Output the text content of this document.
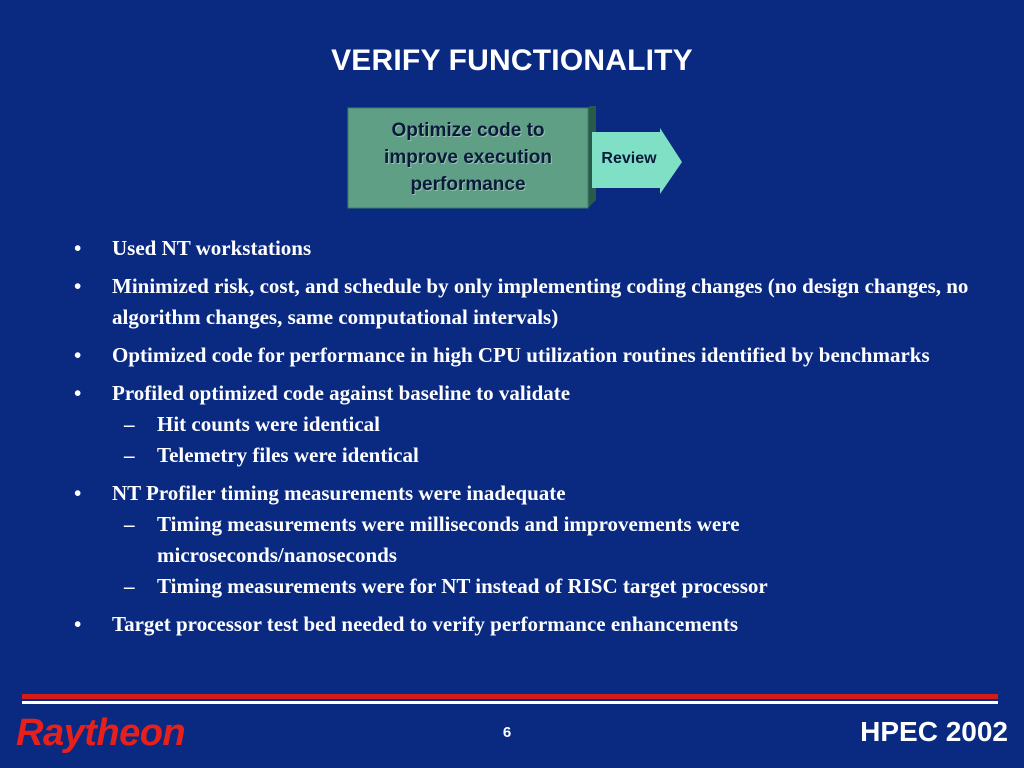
VERIFY FUNCTIONALITY
Optimize code to
improve execution
performance
Review
• Used NT workstations
• Minimized risk, cost, and schedule by only implementing coding changes (no design changes, no algorithm changes, same computational intervals)
• Optimized code for performance in high CPU utilization routines identified by benchmarks
• Profiled optimized code against baseline to validate
– Hit counts were identical
– Telemetry files were identical
• NT Profiler timing measurements were inadequate
– Timing measurements were milliseconds and improvements were microseconds/nanoseconds
– Timing measurements were for NT instead of RISC target processor
• Target processor test bed needed to verify performance enhancements
Raytheon	6	HPEC 2002
